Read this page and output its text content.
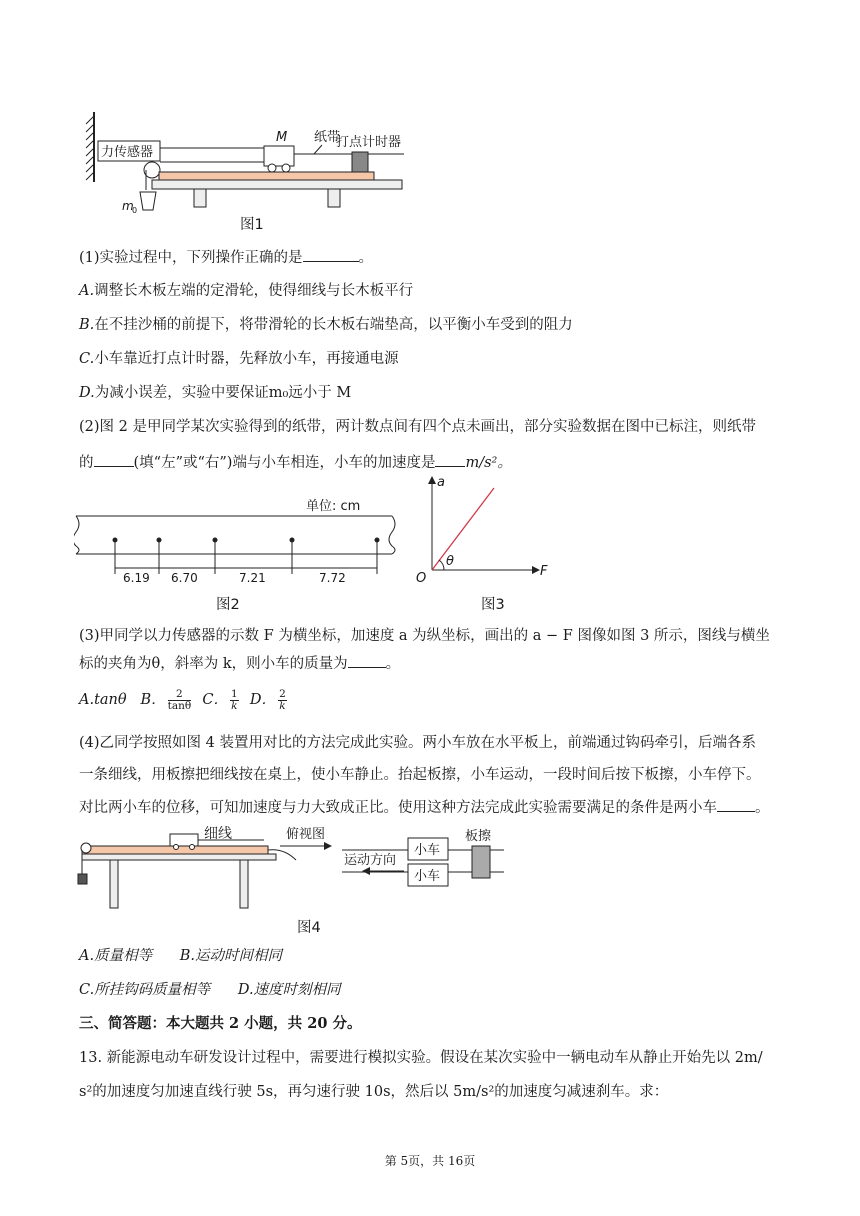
力传感器
m
0
M 纸带
打点计时器
图1
(1)实验过程中，下列操作正确的是	。
A.调整长木板左端的定滑轮，使得细线与长木板平行
B.在不挂沙桶的前提下，将带滑轮的长木板右端垫高，以平衡小车受到的阻力
C.小车靠近打点计时器，先释放小车，再接通电源
D.为减小误差，实验中要保证m₀远小于 M
(2)图 2 是甲同学某次实验得到的纸带，两计数点间有四个点未画出，部分实验数据在图中已标注，则纸带
的	(填“左”或“右”)端与小车相连，小车的加速度是 m/s²。
单位: cm
6.19 6.70	7.21	7.72
图2
a
F
O
θ
图3
(3)甲同学以力传感器的示数 F 为横坐标，加速度 a 为纵坐标，画出的 a − F 图像如图 3 所示，图线与横坐
标的夹角为θ，斜率为 k，则小车的质量为	。
A.tanθ B． $\frac{2}{\tan\theta}$ C． $\frac{1}{k}$ D． $\frac{2}{k}$
(4)乙同学按照如图 4 装置用对比的方法完成此实验。两小车放在水平板上，前端通过钩码牵引，后端各系
一条细线，用板擦把细线按在桌上，使小车静止。抬起板擦，小车运动，一段时间后按下板擦，小车停下。
对比两小车的位移，可知加速度与力大致成正比。使用这种方法完成此实验需要满足的条件是两小车	。
细线	俯视图
运动方向
小车
小车
板擦
图4
A.质量相等 B.运动时间相同
C.所挂钩码质量相等 D.速度时刻相同
三、简答题：本大题共 2 小题，共 20 分。
13. 新能源电动车研发设计过程中，需要进行模拟实验。假设在某次实验中一辆电动车从静止开始先以 2m/
s²的加速度匀加速直线行驶 5s，再匀速行驶 10s，然后以 5m/s²的加速度匀减速刹车。求：
第 5页，共 16页
